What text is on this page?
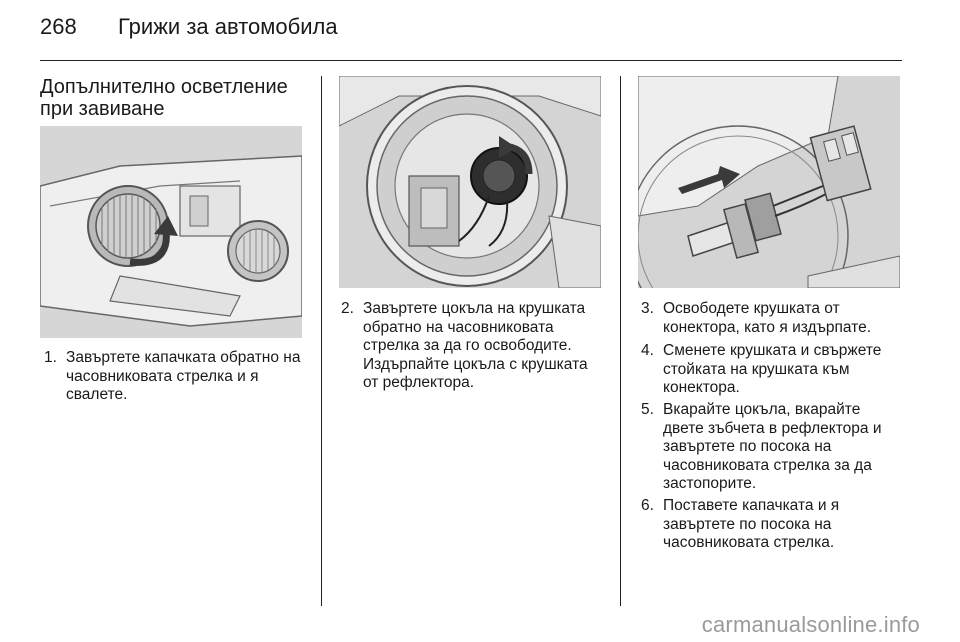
268 Грижи за автомобила
Допълнително осветление
при завиване
1. Завъртете капачката обратно на часовниковата стрелка и я свалете.
2. Завъртете цокъла на крушката обратно на часовниковата стрелка за да го освободите. Издърпайте цокъла с крушката от рефлектора.
3. Освободете крушката от конектора, като я издърпате.
4. Сменете крушката и свържете стойката на крушката към конектора.
5. Вкарайте цокъла, вкарайте двете зъбчета в рефлектора и завъртете по посока на часовниковата стрелка за да застопорите.
6. Поставете капачката и я завъртете по посока на часовниковата стрелка.
carmanualsonline.info
